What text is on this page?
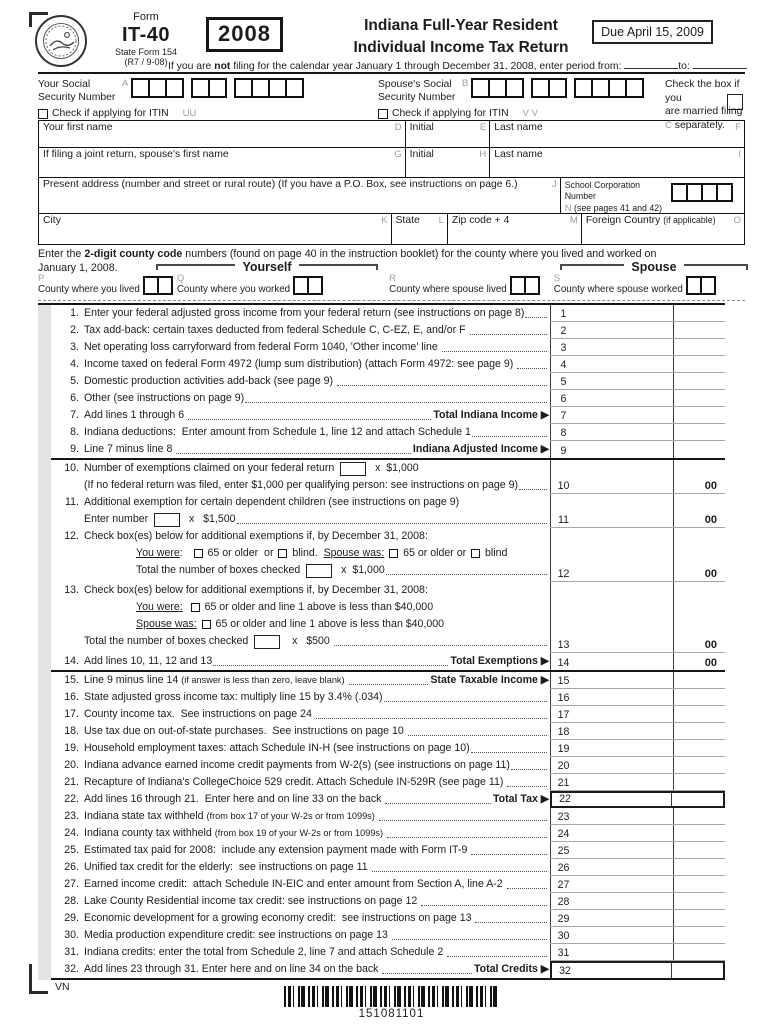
Form
IT-40
State Form 154
(R7 / 9-08)
2008	Indiana Full-Year Resident
Individual Income Tax Return
Due April 15, 2009
If you are not filing for the calendar year January 1 through December 31, 2008, enter period from:	to:
Your Social
Security Number
A
Check if applying for ITIN UU
Spouse's Social
Security Number
B
Check if applying for ITIN V V
Check the box if you
are married filing
C separately.
Your first name	D Initial	E Last name	F
If filing a joint return, spouse's first name	G Initial	H Last name	I
Present address (number and street or rural route) (If you have a P.O. Box, see instructions on page 6.)	J School Corporation Number
N (see pages 41 and 42)
City	K State L Zip code + 4	M Foreign Country (if applicable) O
Enter the 2-digit county code numbers (found on page 40 in the instruction booklet) for the county where you lived and worked on
January 1, 2008.	Yourself	Spouse
P
County where you lived
Q
County where you worked
R
County where spouse lived
S
County where spouse worked
1. Enter your federal adjusted gross income from your federal return (see instructions on page 8)	1
2. Tax add-back: certain taxes deducted from federal Schedule C, C-EZ, E, and/or F	2
3. Net operating loss carryforward from federal Form 1040, 'Other income' line	3
4. Income taxed on federal Form 4972 (lump sum distribution) (attach Form 4972: see page 9)	4
5. Domestic production activities add-back (see page 9)	5
6. Other (see instructions on page 9)	6
7. Add lines 1 through 6	Total Indiana Income ▶	7
8. Indiana deductions:  Enter amount from Schedule 1, line 12 and attach Schedule 1	8
9. Line 7 minus line 8	Indiana Adjusted Income ▶	9
10. Number of exemptions claimed on your federal return	x  $1,000
(If no federal return was filed, enter $1,000 per qualifying person: see instructions on page 9)	10	00
11. Additional exemption for certain dependent children (see instructions on page 9)
Enter number	x   $1,500	11	00
12. Check box(es) below for additional exemptions if, by December 31, 2008:
You were : 65 or older  or blind. Spouse was:
65 or older or blind
Total the number of boxes checked	x  $1,000	12	00
13. Check box(es) below for additional exemptions if, by December 31, 2008:
You were:
65 or older and line 1 above is less than $40,000
Spouse was:
65 or older and line 1 above is less than $40,000
Total the number of boxes checked	x   $500	13	00
14. Add lines 10, 11, 12 and 13	Total Exemptions ▶ 14	00
15. Line 9 minus line 14 (if answer is less than zero, leave blank)
	State Taxable Income ▶ 15
16. State adjusted gross income tax: multiply line 15 by 3.4% (.034)	16
17. County income tax.  See instructions on page 24	17
18. Use tax due on out-of-state purchases.  See instructions on page 10	18
19. Household employment taxes: attach Schedule IN-H (see instructions on page 10)	19
20. Indiana advance earned income credit payments from W-2(s) (see instructions on page 11)	20
21. Recapture of Indiana's CollegeChoice 529 credit. Attach Schedule IN-529R (see page 11)	21
22. Add lines 16 through 21.  Enter here and on line 33 on the back	Total Tax ▶ 22
23. Indiana state tax withheld (from box 17 of your W-2s or from 1099s)
	23
24. Indiana county tax withheld (from box 19 of your W-2s or from 1099s)
	24
25. Estimated tax paid for 2008:  include any extension payment made with Form IT-9	25
26. Unified tax credit for the elderly:  see instructions on page 11	26
27. Earned income credit:  attach Schedule IN-EIC and enter amount from Section A, line A-2	27
28. Lake County Residential income tax credit: see instructions on page 12	28
29. Economic development for a growing economy credit:  see instructions on page 13	29
30. Media production expenditure credit: see instructions on page 13	30
31. Indiana credits: enter the total from Schedule 2, line 7 and attach Schedule 2	31
32. Add lines 23 through 31. Enter here and on line 34 on the back	Total Credits ▶ 32
VN
151081101
